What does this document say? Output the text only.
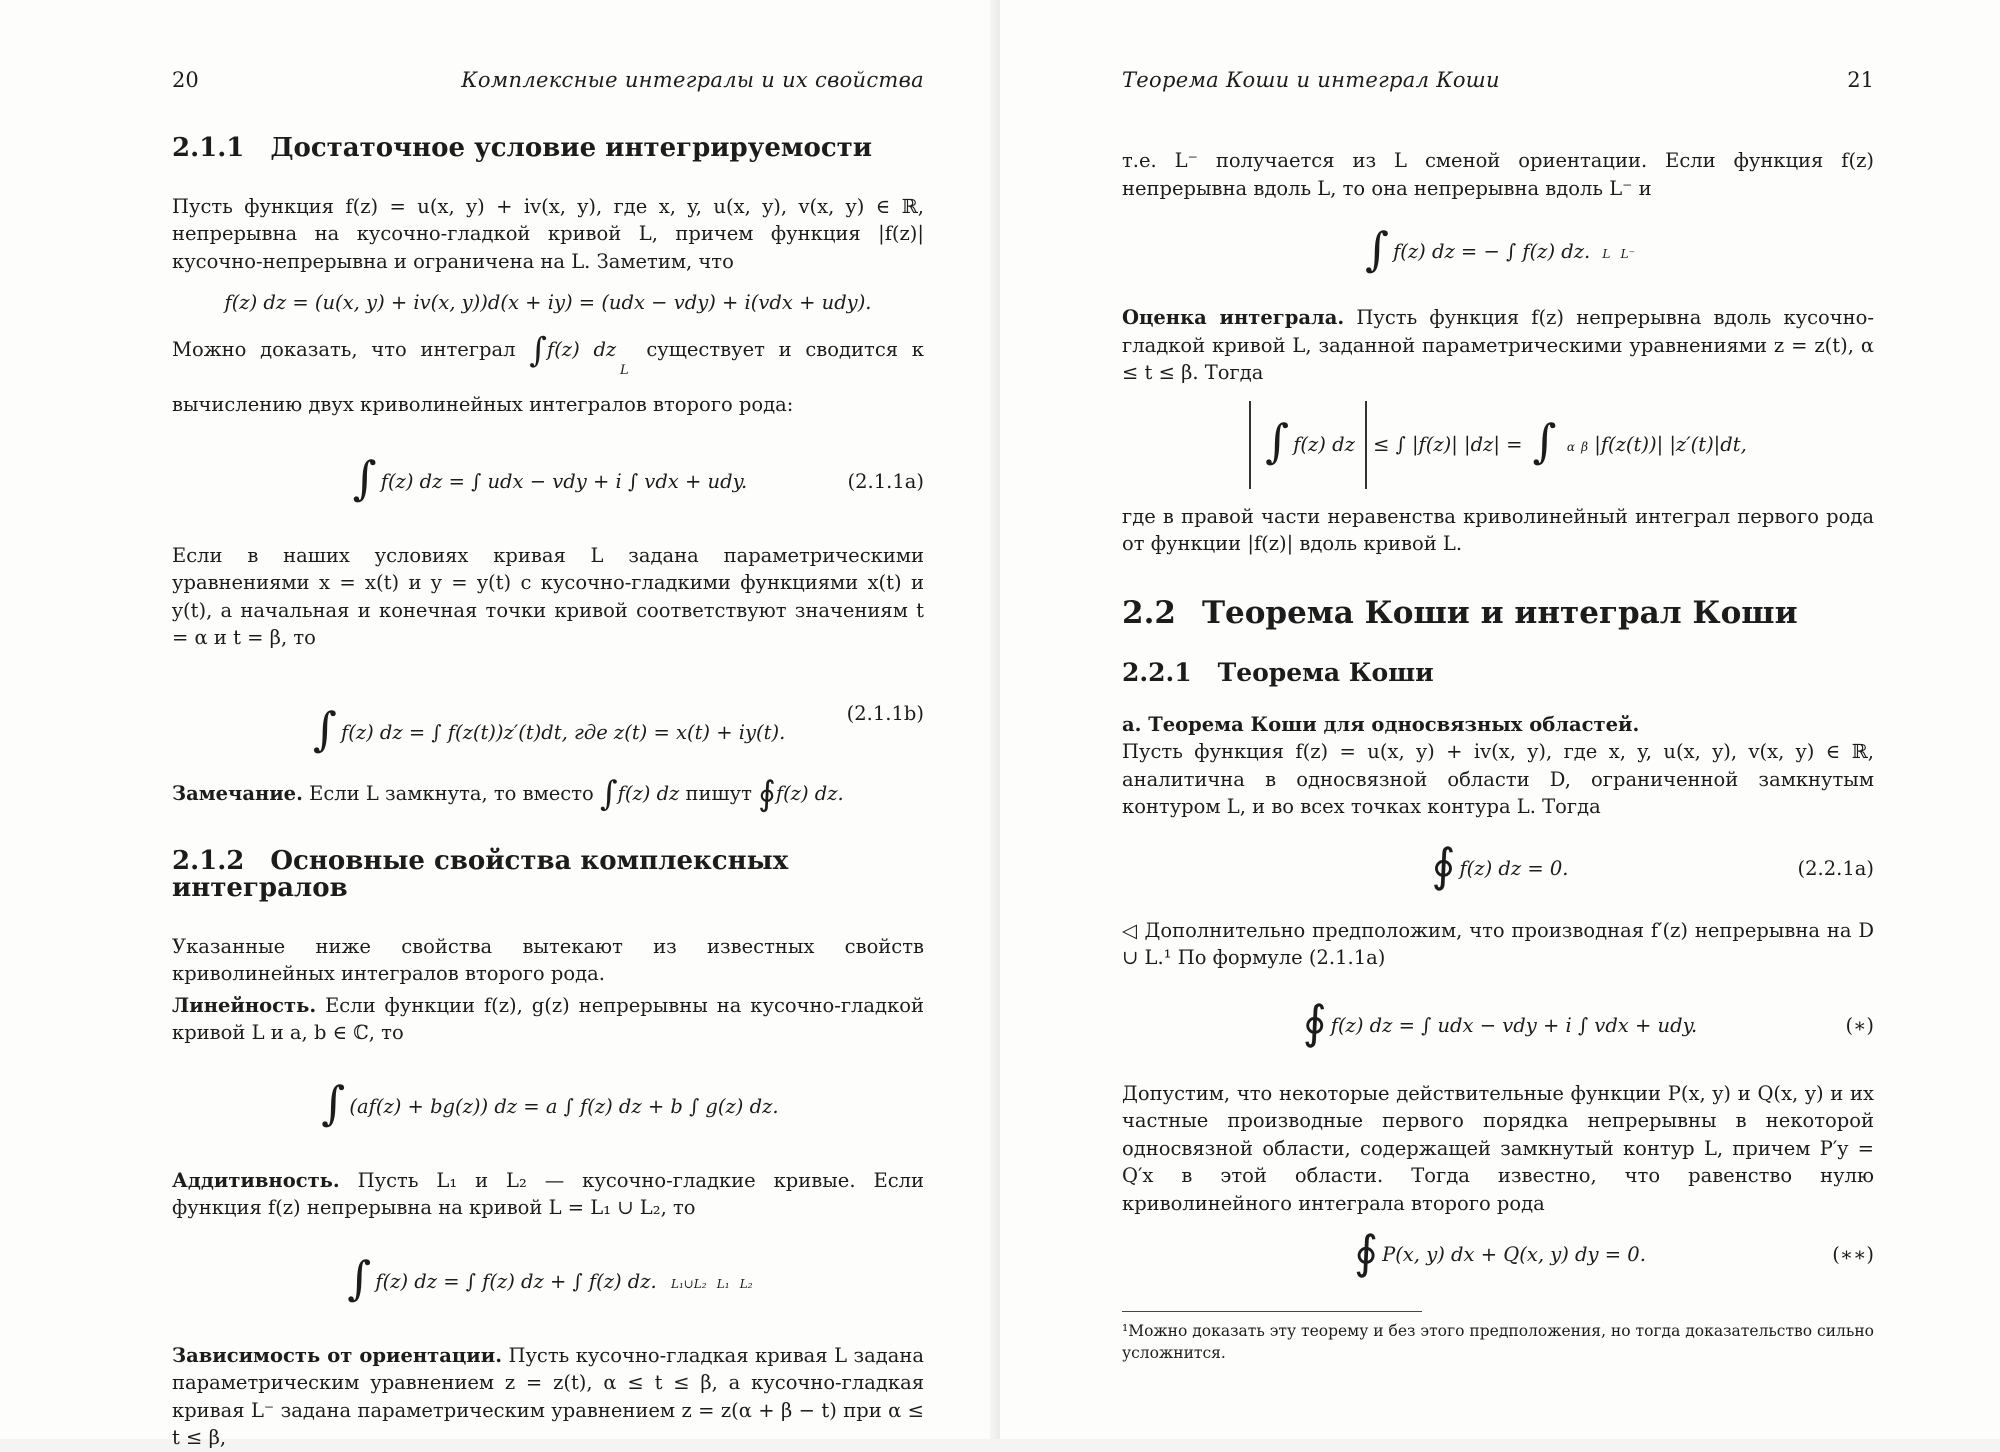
20	Комплексные интегралы и их свойства
2.1.1 Достаточное условие интегрируемости

Пусть функция f(z) = u(x, y) + iv(x, y), где x, y, u(x, y), v(x, y) ∈ ℝ, непрерывна на кусочно-гладкой кривой L, причем функция |f(z)| кусочно-непрерывна и ограничена на L. Заметим, что

f(z) dz = (u(x, y) + iv(x, y))d(x + iy) = (udx − vdy) + i(vdx + udy).

Можно доказать, что интеграл ∫f(z) dz $_L$ существует и сводится к вычислению двух криволинейных интегралов второго рода:

∫ f(z) dz = ∫ udx − vdy + i ∫ vdx + udy.	(2.1.1a)

Если в наших условиях кривая L задана параметрическими уравнениями x = x(t) и y = y(t) с кусочно-гладкими функциями x(t) и y(t), а начальная и конечная точки кривой соответствуют значениям t = α и t = β, то

∫ f(z) dz = ∫ f(z(t))z′(t)dt, где z(t) = x(t) + iy(t).
(2.1.1b)

Замечание. Если L замкнута, то вместо ∫f(z) dz пишут ∮f(z) dz.

2.1.2 Основные свойства комплексных интегралов

Указанные ниже свойства вытекают из известных свойств криволинейных интегралов второго рода.

Линейность. Если функции f(z), g(z) непрерывны на кусочно-гладкой кривой L и a, b ∈ ℂ, то

∫ (af(z) + bg(z)) dz = a ∫ f(z) dz + b ∫ g(z) dz.

Аддитивность. Пусть L₁ и L₂ — кусочно-гладкие кривые. Если функция f(z) непрерывна на кривой L = L₁ ∪ L₂, то

∫ f(z) dz = ∫ f(z) dz + ∫ f(z) dz. L₁∪L₂ L₁ L₂

Зависимость от ориентации. Пусть кусочно-гладкая кривая L задана параметрическим уравнением z = z(t), α ≤ t ≤ β, а кусочно-гладкая кривая L⁻ задана параметрическим уравнением z = z(α + β − t) при α ≤ t ≤ β,

Теорема Коши и интеграл Коши	21

т.е. L⁻ получается из L сменой ориентации. Если функция f(z) непрерывна вдоль L, то она непрерывна вдоль L⁻ и

∫ f(z) dz = − ∫ f(z) dz. L L⁻

Оценка интеграла. Пусть функция f(z) непрерывна вдоль кусочно-гладкой кривой L, заданной параметрическими уравнениями z = z(t), α ≤ t ≤ β. Тогда

∫ f(z) dz ≤ ∫ |f(z)| |dz| = ∫ α β |f(z(t))| |z′(t)|dt,

где в правой части неравенства криволинейный интеграл первого рода от функции |f(z)| вдоль кривой L.

2.2 Теорема Коши и интеграл Коши
2.2.1 Теорема Коши
а. Теорема Коши для односвязных областей.

Пусть функция f(z) = u(x, y) + iv(x, y), где x, y, u(x, y), v(x, y) ∈ ℝ, аналитична в односвязной области D, ограниченной замкнутым контуром L, и во всех точках контура L. Тогда

∮ f(z) dz = 0.	(2.2.1a)

◁ Дополнительно предположим, что производная f′(z) непрерывна на D ∪ L.¹ По формуле (2.1.1a)

∮ f(z) dz = ∫ udx − vdy + i ∫ vdx + udy.	(∗)

Допустим, что некоторые действительные функции P(x, y) и Q(x, y) и их частные производные первого порядка непрерывны в некоторой односвязной области, содержащей замкнутый контур L, причем P′y = Q′x в этой области. Тогда известно, что равенство нулю криволинейного интеграла второго рода

∮ P(x, y) dx + Q(x, y) dy = 0.	(∗∗)
¹Можно доказать эту теорему и без этого предположения, но тогда доказательство сильно усложнится.
